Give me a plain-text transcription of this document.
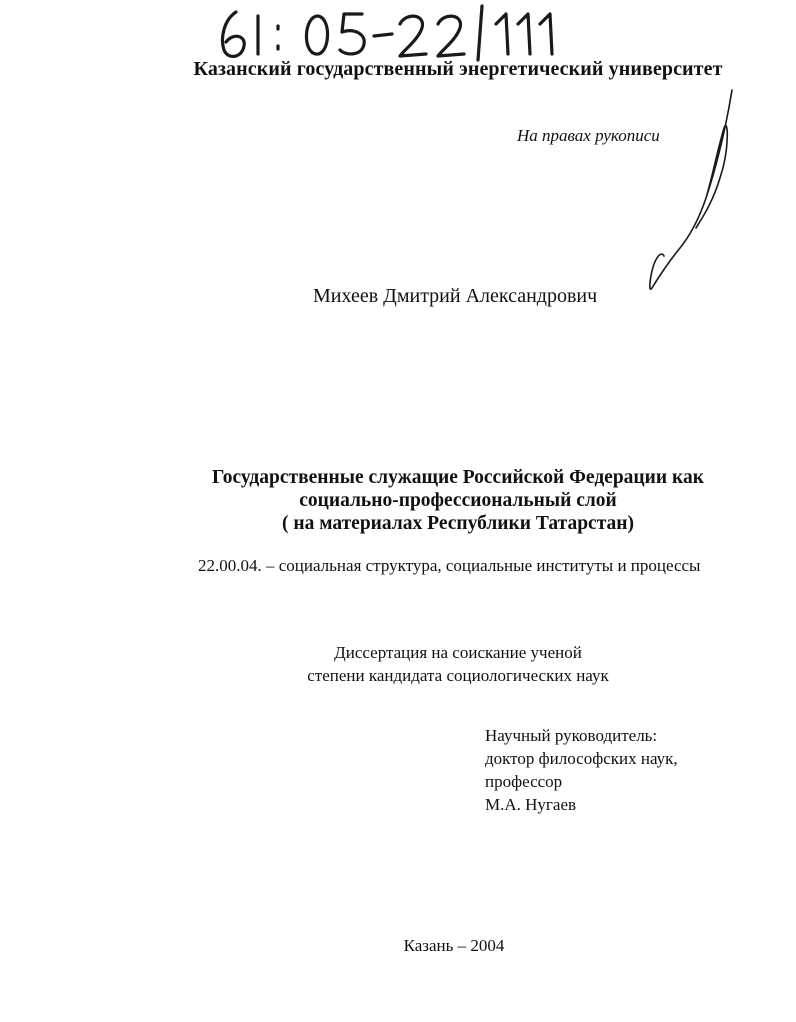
Казанский государственный энергетический университет
На правах рукописи
Михеев Дмитрий Александрович
Государственные служащие Российской Федерации как
социально-профессиональный слой
( на материалах Республики Татарстан)
22.00.04. – социальная структура, социальные институты и процессы
Диссертация на соискание ученой
степени кандидата социологических наук
Научный руководитель:
доктор философских наук,
профессор
М.А. Нугаев
Казань – 2004
